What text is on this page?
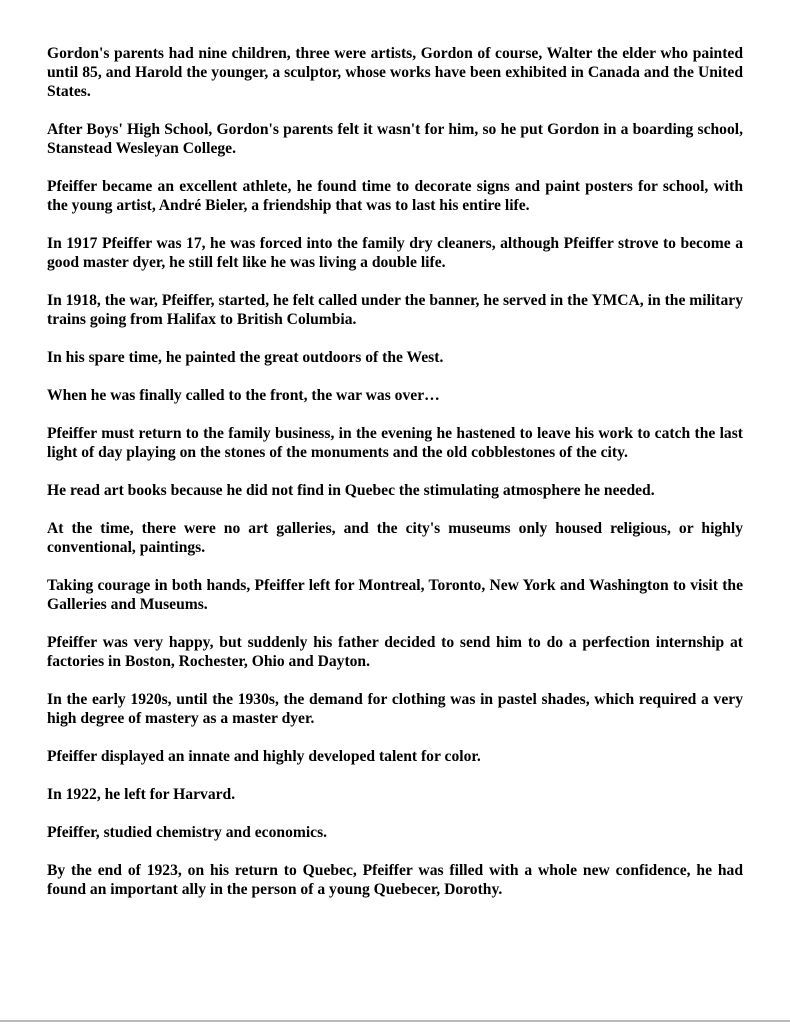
Gordon's parents had nine children, three were artists, Gordon of course, Walter the elder who painted until 85, and Harold the younger, a sculptor, whose works have been exhibited in Canada and the United States.

After Boys' High School, Gordon's parents felt it wasn't for him, so he put Gordon in a boarding school, Stanstead Wesleyan College.

Pfeiffer became an excellent athlete, he found time to decorate signs and paint posters for school, with the young artist, André Bieler, a friendship that was to last his entire life.

In 1917 Pfeiffer was 17, he was forced into the family dry cleaners, although Pfeiffer strove to become a good master dyer, he still felt like he was living a double life.

In 1918, the war, Pfeiffer, started, he felt called under the banner, he served in the YMCA, in the military trains going from Halifax to British Columbia.

In his spare time, he painted the great outdoors of the West.

When he was finally called to the front, the war was over…

Pfeiffer must return to the family business, in the evening he hastened to leave his work to catch the last light of day playing on the stones of the monuments and the old cobblestones of the city.

He read art books because he did not find in Quebec the stimulating atmosphere he needed.

At the time, there were no art galleries, and the city's museums only housed religious, or highly conventional, paintings.

Taking courage in both hands, Pfeiffer left for Montreal, Toronto, New York and Washington to visit the Galleries and Museums.

Pfeiffer was very happy, but suddenly his father decided to send him to do a perfection internship at factories in Boston, Rochester, Ohio and Dayton.

In the early 1920s, until the 1930s, the demand for clothing was in pastel shades, which required a very high degree of mastery as a master dyer.

Pfeiffer displayed an innate and highly developed talent for color.

In 1922, he left for Harvard.

Pfeiffer, studied chemistry and economics.

By the end of 1923, on his return to Quebec, Pfeiffer was filled with a whole new confidence, he had found an important ally in the person of a young Quebecer, Dorothy.
